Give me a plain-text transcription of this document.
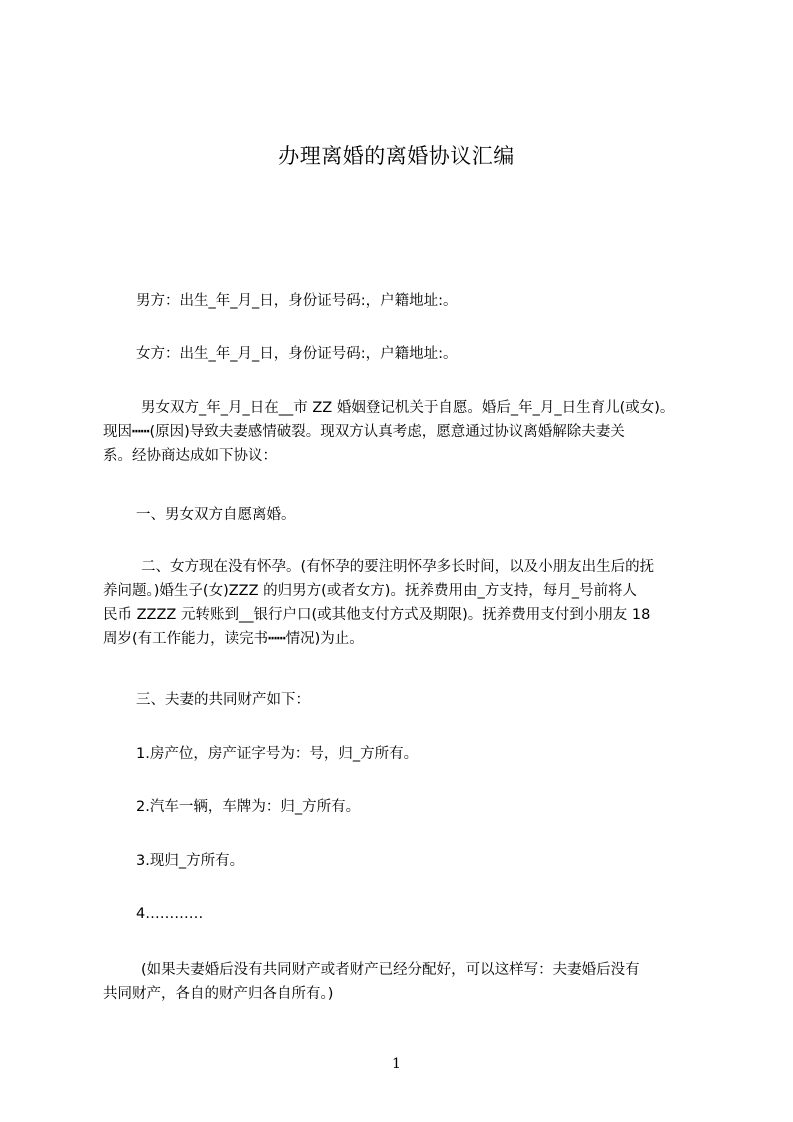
办理离婚的离婚协议汇编
男方：出生_年_月_日，身份证号码:，户籍地址:。
女方：出生_年_月_日，身份证号码:，户籍地址:。
男女双方_年_月_日在__市 ZZ 婚姻登记机关于自愿。婚后_年_月_日生育儿(或女)。
现因┅┅(原因)导致夫妻感情破裂。现双方认真考虑，愿意通过协议离婚解除夫妻关
系。经协商达成如下协议：
一、男女双方自愿离婚。
二、女方现在没有怀孕。(有怀孕的要注明怀孕多长时间，以及小朋友出生后的抚
养问题。)婚生子(女)ZZZ 的归男方(或者女方)。抚养费用由_方支持，每月_号前将人
民币 ZZZZ 元转账到__银行户口(或其他支付方式及期限)。抚养费用支付到小朋友 18
周岁(有工作能力，读完书┅┅情况)为止。
三、夫妻的共同财产如下：
1.房产位，房产证字号为：号，归_方所有。
2.汽车一辆，车牌为：归_方所有。
3.现归_方所有。
4…………
(如果夫妻婚后没有共同财产或者财产已经分配好，可以这样写：夫妻婚后没有
共同财产，各自的财产归各自所有。)
1
